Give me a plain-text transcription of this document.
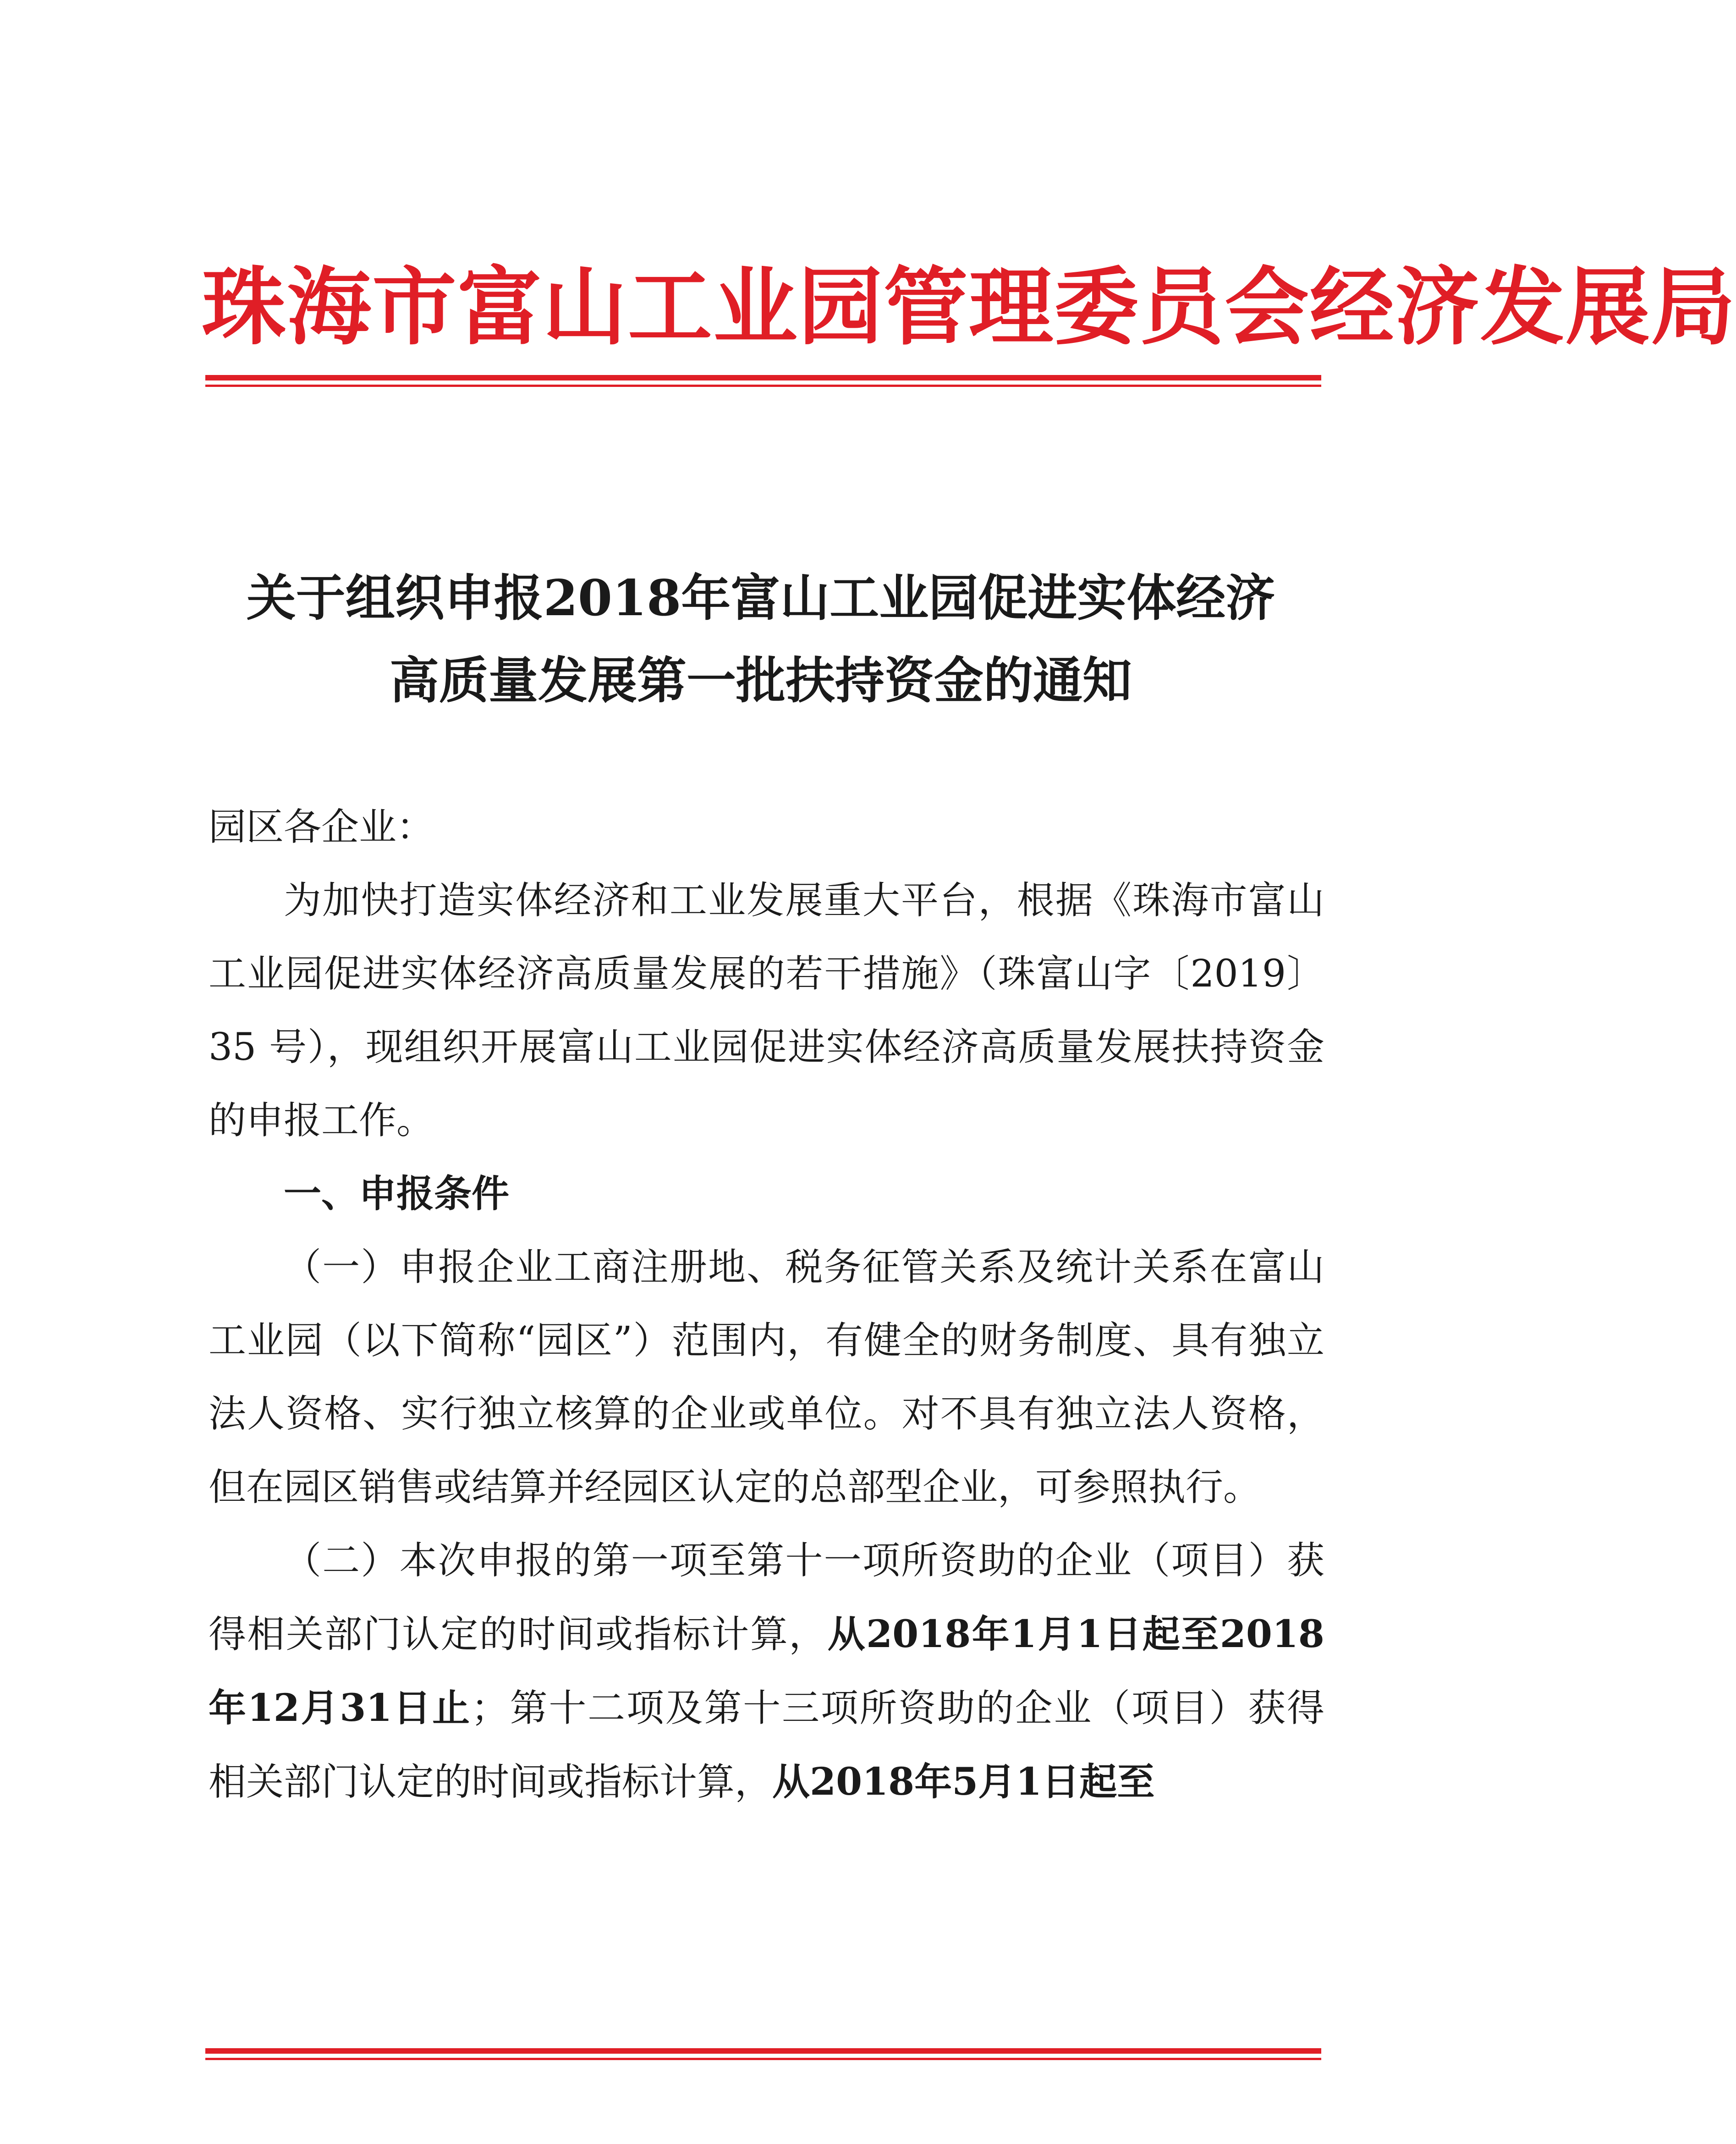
珠海市富山工业园管理委员会经济发展局
关于组织申报2018年富山工业园促进实体经济
高质量发展第一批扶持资金的通知

园区各企业：

为加快打造实体经济和工业发展重大平台，根据《珠海市富山工业园促进实体经济高质量发展的若干措施》（珠富山字〔2019〕35 号），现组织开展富山工业园促进实体经济高质量发展扶持资金的申报工作。

一、申报条件

（一）申报企业工商注册地、税务征管关系及统计关系在富山工业园（以下简称“园区”）范围内，有健全的财务制度、具有独立法人资格、实行独立核算的企业或单位。对不具有独立法人资格，但在园区销售或结算并经园区认定的总部型企业，可参照执行。

（二）本次申报的第一项至第十一项所资助的企业（项目）获得相关部门认定的时间或指标计算，从2018年1月1日起至2018年12月31日止；第十二项及第十三项所资助的企业（项目）获得相关部门认定的时间或指标计算，从2018年5月1日起至
